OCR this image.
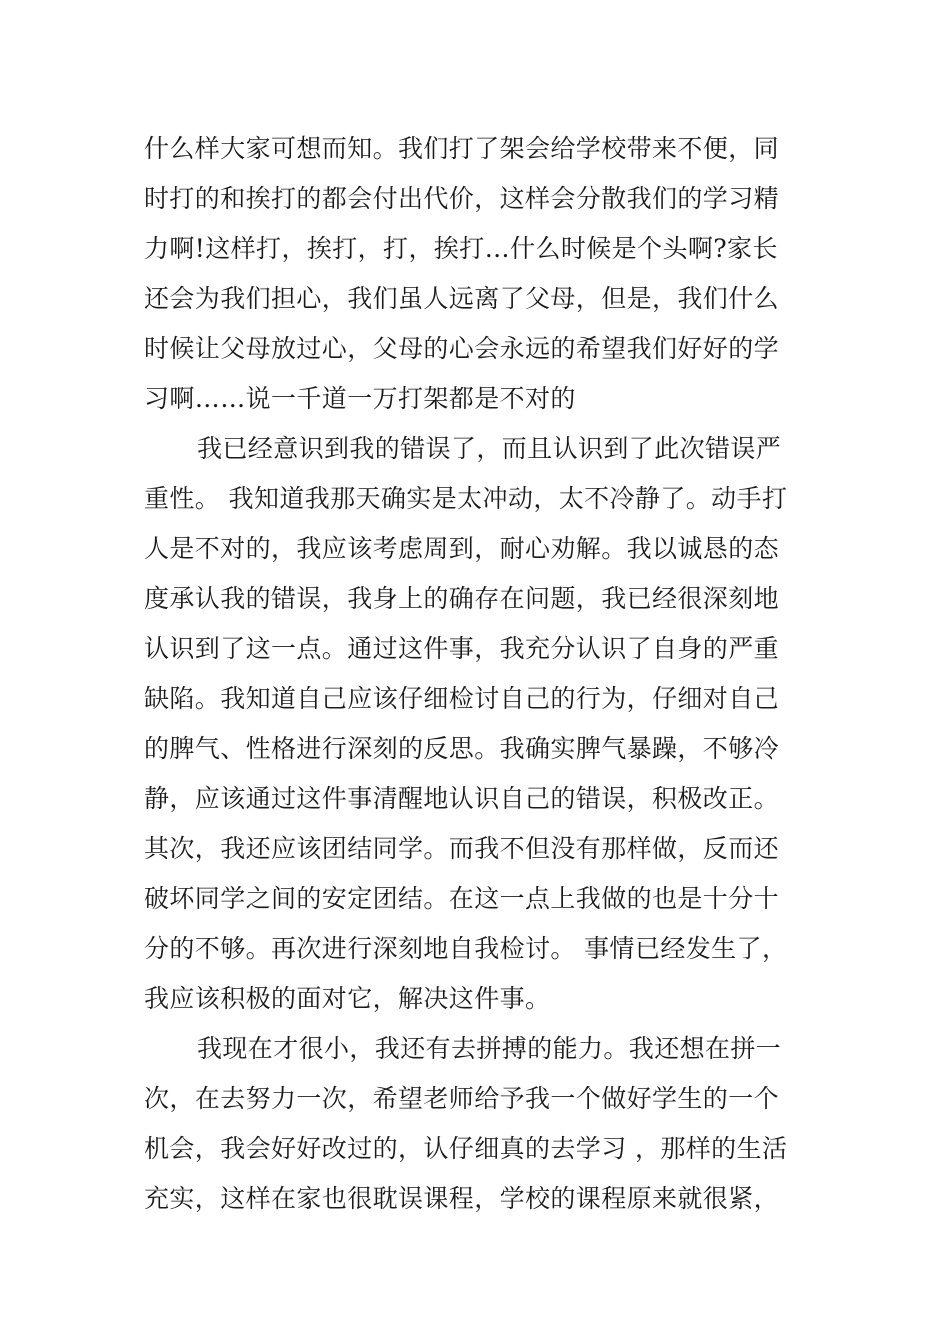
什么样大家可想而知。我们打了架会给学校带来不便，同
时打的和挨打的都会付出代价，这样会分散我们的学习精
力啊!这样打，挨打，打，挨打…什么时候是个头啊?家长
还会为我们担心，我们虽人远离了父母，但是，我们什么
时候让父母放过心，父母的心会永远的希望我们好好的学
习啊……说一千道一万打架都是不对的
我已经意识到我的错误了，而且认识到了此次错误严
重性。 我知道我那天确实是太冲动，太不冷静了。动手打
人是不对的，我应该考虑周到，耐心劝解。我以诚恳的态
度承认我的错误，我身上的确存在问题，我已经很深刻地
认识到了这一点。通过这件事，我充分认识了自身的严重
缺陷。我知道自己应该仔细检讨自己的行为，仔细对自己
的脾气、性格进行深刻的反思。我确实脾气暴躁，不够冷
静，应该通过这件事清醒地认识自己的错误，积极改正。
其次，我还应该团结同学。而我不但没有那样做，反而还
破坏同学之间的安定团结。在这一点上我做的也是十分十
分的不够。再次进行深刻地自我检讨。 事情已经发生了，
我应该积极的面对它，解决这件事。
我现在才很小，我还有去拼搏的能力。我还想在拼一
次，在去努力一次，希望老师给予我一个做好学生的一个
机会，我会好好改过的，认仔细真的去学习 ，那样的生活
充实，这样在家也很耽误课程，学校的课程原来就很紧，
